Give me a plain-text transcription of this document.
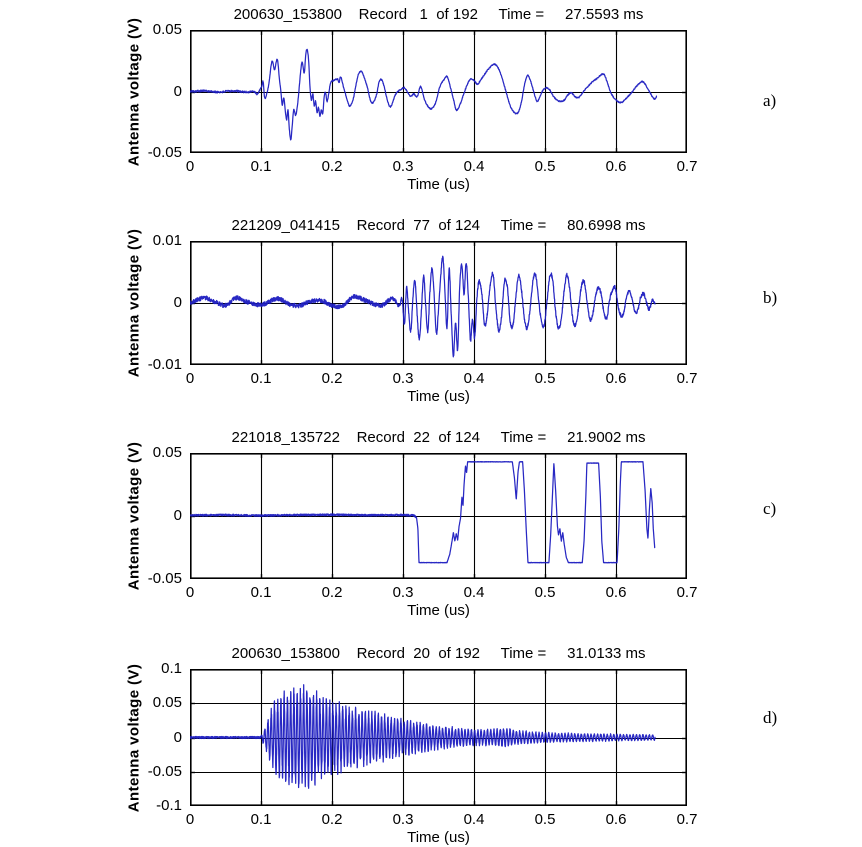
200630_153800    Record   1  of 192     Time =     27.5593 ms
Antenna voltage (V) 0.05
0
-0.05
0	0.1	0.2	0.3	0.4	0.5	0.6	0.7
Time (us)
a)
221209_041415    Record  77  of 124     Time =     80.6998 ms
Antenna voltage (V) 0.01
0
-0.01
0	0.1	0.2	0.3	0.4	0.5	0.6	0.7
Time (us)
b)
221018_135722    Record  22  of 124     Time =     21.9002 ms
Antenna voltage (V) 0.05
0
-0.05
0	0.1	0.2	0.3	0.4	0.5	0.6	0.7
Time (us)
c)
200630_153800    Record  20  of 192     Time =     31.0133 ms
Antenna voltage (V)	0.1
0.05
0
-0.05
-0.1
0	0.1	0.2	0.3	0.4	0.5	0.6	0.7
Time (us)
d)
